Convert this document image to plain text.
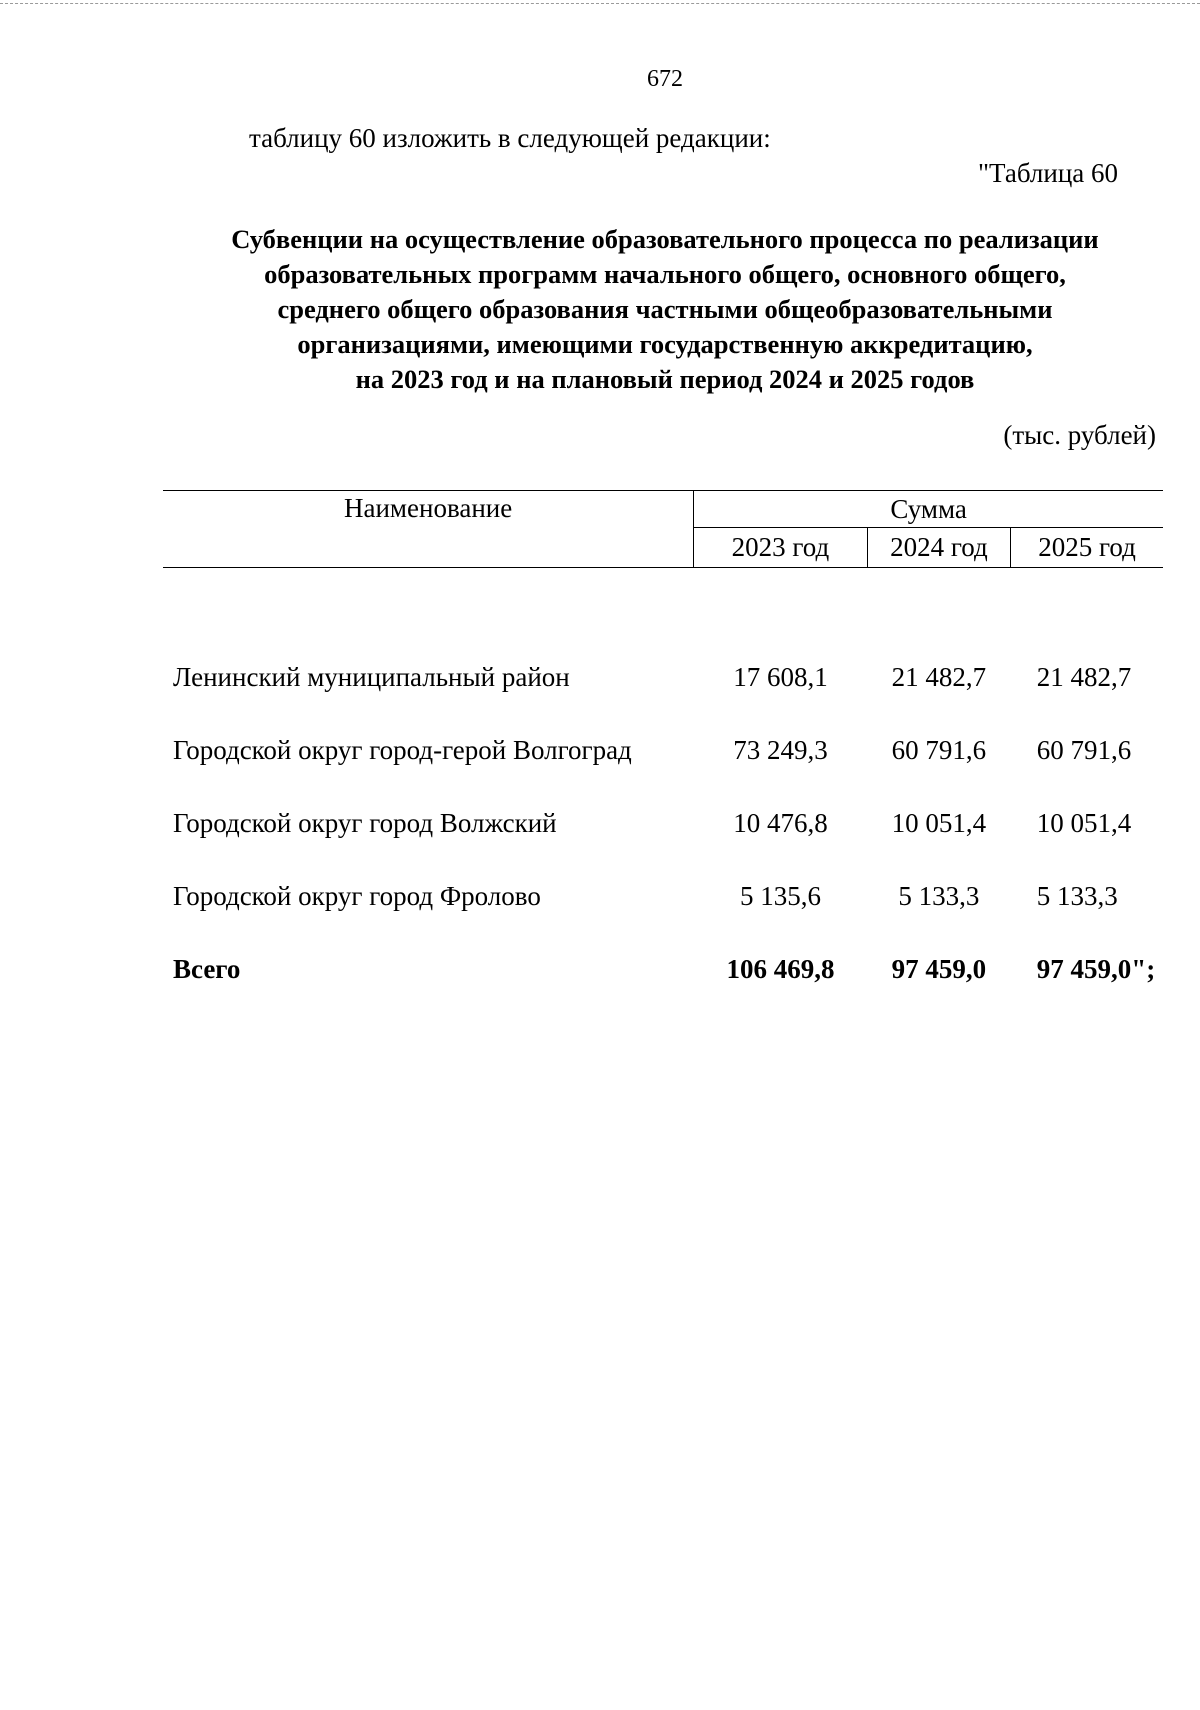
672
таблицу 60 изложить в следующей редакции:
"Таблица 60
Субвенции на осуществление образовательного процесса по реализации
образовательных программ начального общего, основного общего,
среднего общего образования частными общеобразовательными
организациями, имеющими государственную аккредитацию,
на 2023 год и на плановый период 2024 и 2025 годов
(тыс. рублей)
Наименование	Сумма		
	2023 год	2024 год	2025 год

Ленинский муниципальный район	17 608,1	21 482,7	21 482,7
Городской округ город-герой Волгоград	73 249,3	60 791,6	60 791,6
Городской округ город Волжский	10 476,8	10 051,4	10 051,4
Городской округ город Фролово	5 135,6	5 133,3	5 133,3
Всего	106 469,8	97 459,0	97 459,0";
